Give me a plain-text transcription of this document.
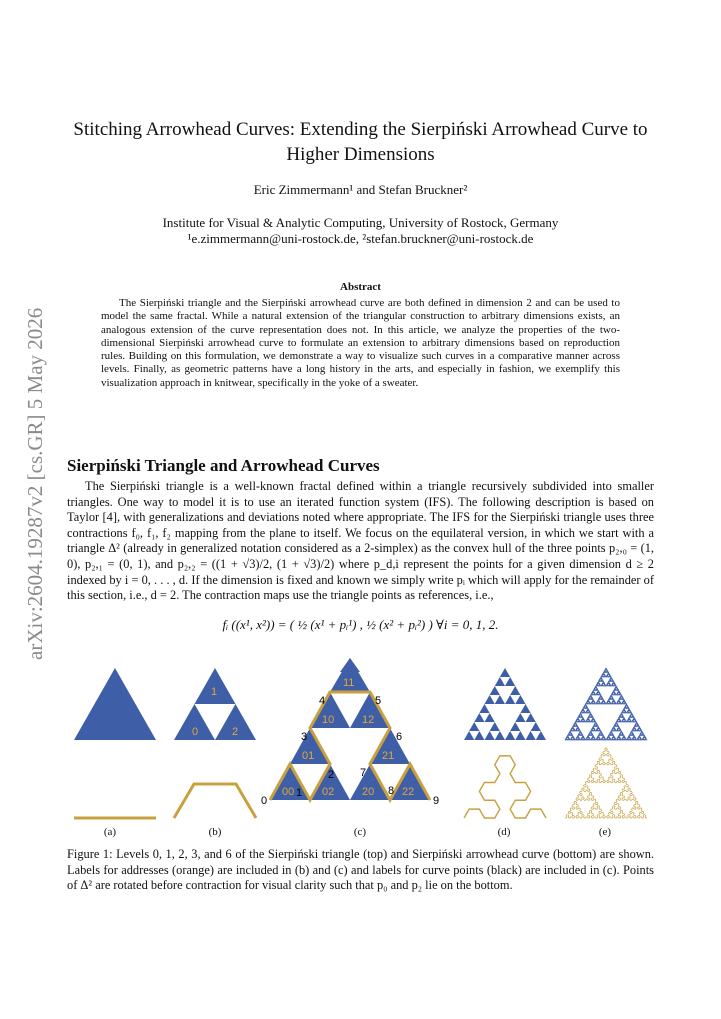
arXiv:2604.19287v2 [cs.GR] 5 May 2026
Stitching Arrowhead Curves: Extending the Sierpiński Arrowhead Curve to Higher Dimensions
Eric Zimmermann¹ and Stefan Bruckner²
Institute for Visual & Analytic Computing, University of Rostock, Germany
¹e.zimmermann@uni-rostock.de, ²stefan.bruckner@uni-rostock.de
Abstract
The Sierpiński triangle and the Sierpiński arrowhead curve are both defined in dimension 2 and can be used to model the same fractal. While a natural extension of the triangular construction to arbitrary dimensions exists, an analogous extension of the curve representation does not. In this article, we analyze the properties of the two-dimensional Sierpiński arrowhead curve to formulate an extension to arbitrary dimensions based on reproduction rules. Building on this formulation, we demonstrate a way to visualize such curves in a comparative manner across levels. Finally, as geometric patterns have a long history in the arts, and especially in fashion, we exemplify this visualization approach in knitwear, specifically in the yoke of a sweater.
Sierpiński Triangle and Arrowhead Curves
The Sierpiński triangle is a well-known fractal defined within a triangle recursively subdivided into smaller triangles. One way to model it is to use an iterated function system (IFS). The following description is based on Taylor [4], with generalizations and deviations noted where appropriate. The IFS for the Sierpiński triangle uses three contractions f₀, f₁, f₂ mapping from the plane to itself. We focus on the equilateral version, in which we start with a triangle Δ² (already in generalized notation considered as a 2-simplex) as the convex hull of the three points p₂,₀ = (1, 0), p₂,₁ = (0, 1), and p₂,₂ = ((1 + √3)/2, (1 + √3)/2) where p_d,i represent the points for a given dimension d ≥ 2 indexed by i = 0, . . . , d. If the dimension is fixed and known we simply write pᵢ which will apply for the remainder of this section, i.e., d = 2. The contraction maps use the triangle points as references, i.e.,
fᵢ ((x¹, x²)) = ( ½ (x¹ + pᵢ¹) , ½ (x² + pᵢ²) ) ∀i = 0, 1, 2.
1
0	2
11
10	12
01	21
00	02	20	22
0
1
2
3
4	5
6
7
8
9
(a)	(b)	(c)	(d)	(e)
Figure 1: Levels 0, 1, 2, 3, and 6 of the Sierpiński triangle (top) and Sierpiński arrowhead curve (bottom) are shown. Labels for addresses (orange) are included in (b) and (c) and labels for curve points (black) are included in (c). Points of Δ² are rotated before contraction for visual clarity such that p₀ and p₂ lie on the bottom.
